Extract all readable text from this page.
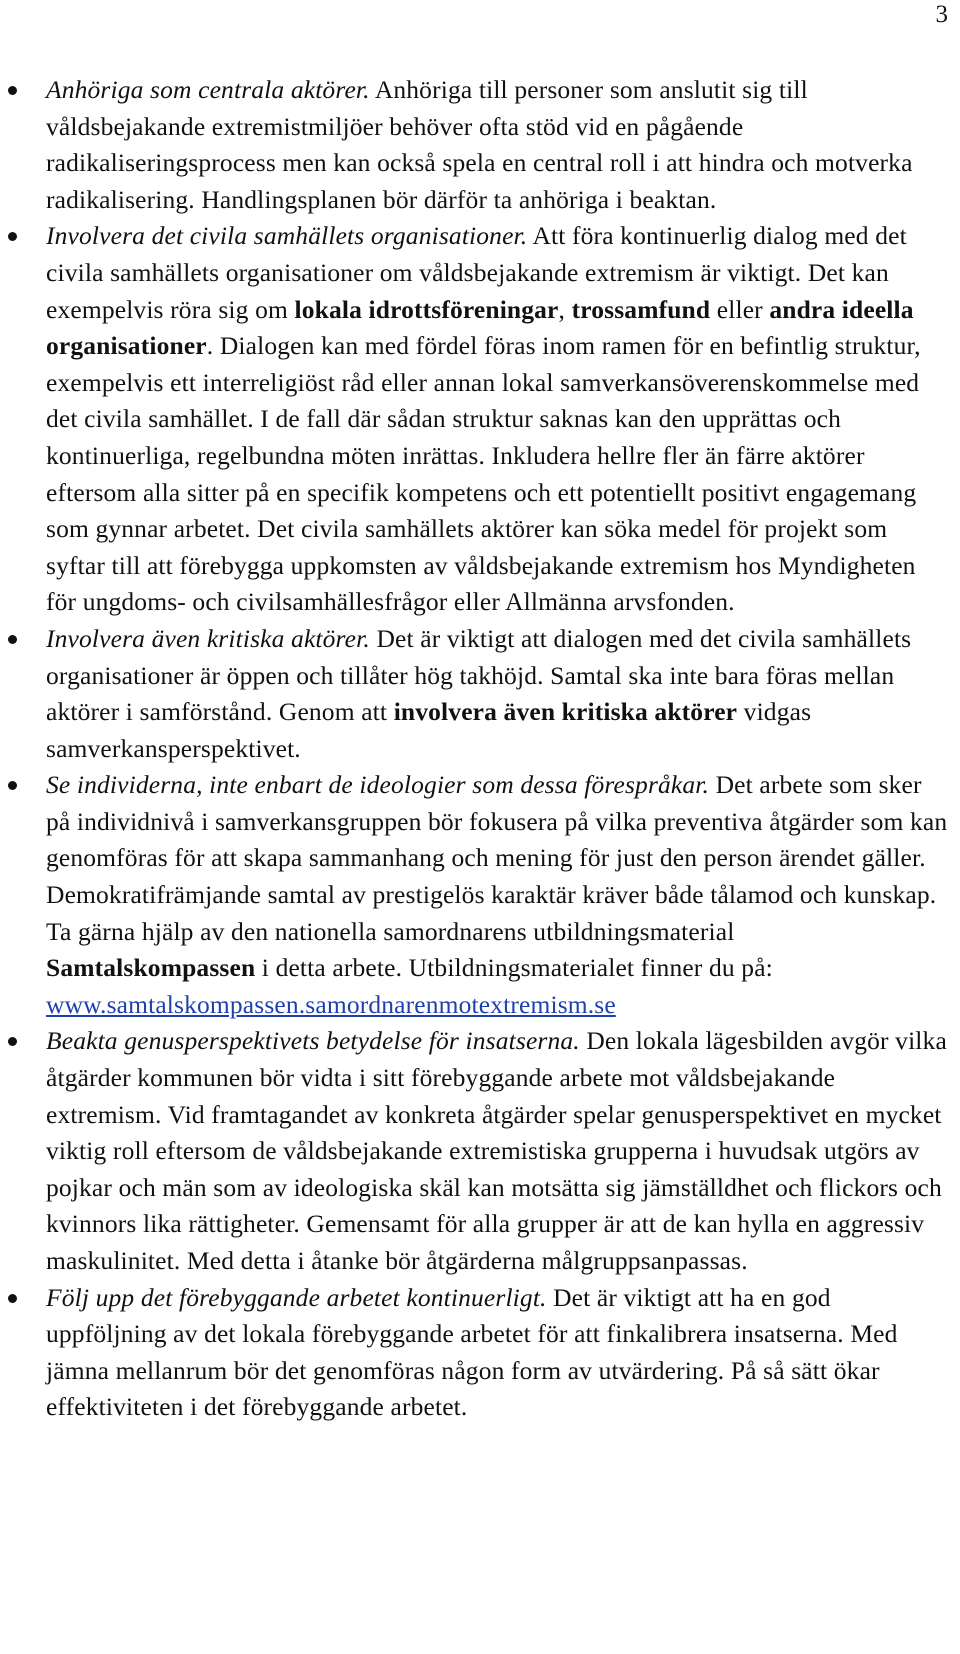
3
Anhöriga som centrala aktörer. Anhöriga till personer som anslutit sig till våldsbejakande extremistmiljöer behöver ofta stöd vid en pågående radikaliseringsprocess men kan också spela en central roll i att hindra och motverka radikalisering. Handlingsplanen bör därför ta anhöriga i beaktan.
Involvera det civila samhällets organisationer. Att föra kontinuerlig dialog med det civila samhällets organisationer om våldsbejakande extremism är viktigt. Det kan exempelvis röra sig om lokala idrottsföreningar, trossamfund eller andra ideella organisationer. Dialogen kan med fördel föras inom ramen för en befintlig struktur, exempelvis ett interreligiöst råd eller annan lokal samverkansöverenskommelse med det civila samhället. I de fall där sådan struktur saknas kan den upprättas och kontinuerliga, regelbundna möten inrättas. Inkludera hellre fler än färre aktörer eftersom alla sitter på en specifik kompetens och ett potentiellt positivt engagemang som gynnar arbetet. Det civila samhällets aktörer kan söka medel för projekt som syftar till att förebygga uppkomsten av våldsbejakande extremism hos Myndigheten för ungdoms- och civilsamhällesfrågor eller Allmänna arvsfonden.
Involvera även kritiska aktörer. Det är viktigt att dialogen med det civila samhällets organisationer är öppen och tillåter hög takhöjd. Samtal ska inte bara föras mellan aktörer i samförstånd. Genom att involvera även kritiska aktörer vidgas samverkansperspektivet.
Se individerna, inte enbart de ideologier som dessa förespråkar. Det arbete som sker på individnivå i samverkansgruppen bör fokusera på vilka preventiva åtgärder som kan genomföras för att skapa sammanhang och mening för just den person ärendet gäller. Demokratifrämjande samtal av prestigelös karaktär kräver både tålamod och kunskap. Ta gärna hjälp av den nationella samordnarens utbildningsmaterial Samtalskompassen i detta arbete. Utbildningsmaterialet finner du på: www.samtalskompassen.samordnarenmotextremism.se
Beakta genusperspektivets betydelse för insatserna. Den lokala lägesbilden avgör vilka åtgärder kommunen bör vidta i sitt förebyggande arbete mot våldsbejakande extremism. Vid framtagandet av konkreta åtgärder spelar genusperspektivet en mycket viktig roll eftersom de våldsbejakande extremistiska grupperna i huvudsak utgörs av pojkar och män som av ideologiska skäl kan motsätta sig jämställdhet och flickors och kvinnors lika rättigheter. Gemensamt för alla grupper är att de kan hylla en aggressiv maskulinitet. Med detta i åtanke bör åtgärderna målgruppsanpassas.
Följ upp det förebyggande arbetet kontinuerligt. Det är viktigt att ha en god uppföljning av det lokala förebyggande arbetet för att finkalibrera insatserna. Med jämna mellanrum bör det genomföras någon form av utvärdering. På så sätt ökar effektiviteten i det förebyggande arbetet.
